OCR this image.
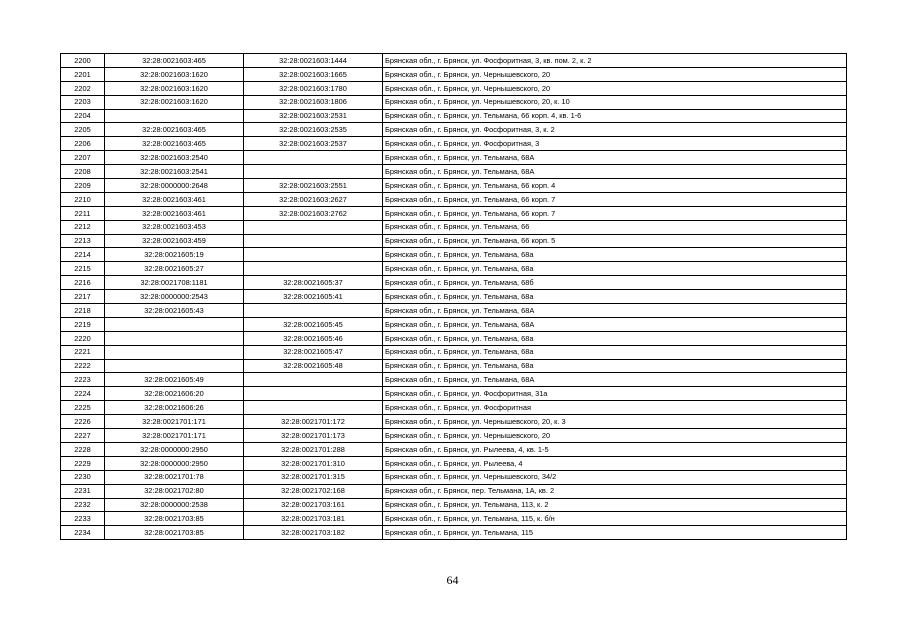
2200	32:28:0021603:465	32:28:0021603:1444	Брянская обл., г. Брянск, ул. Фосфоритная, 3, кв. пом. 2, к. 2
2201	32:28:0021603:1620	32:28:0021603:1665	Брянская обл., г. Брянск, ул. Чернышевского, 20
2202	32:28:0021603:1620	32:28:0021603:1780	Брянская обл., г. Брянск, ул. Чернышевского, 20
2203	32:28:0021603:1620	32:28:0021603:1806	Брянская обл., г. Брянск, ул. Чернышевского, 20, к. 10
2204		32:28:0021603:2531	Брянская обл., г. Брянск, ул. Тельмана, 66 корп. 4, кв. 1-6
2205	32:28:0021603:465	32:28:0021603:2535	Брянская обл., г. Брянск, ул. Фосфоритная, 3, к. 2
2206	32:28:0021603:465	32:28:0021603:2537	Брянская обл., г. Брянск, ул. Фосфоритная, 3
2207	32:28:0021603:2540		Брянская обл., г. Брянск, ул. Тельмана, 68А
2208	32:28:0021603:2541		Брянская обл., г. Брянск, ул. Тельмана, 68А
2209	32:28:0000000:2648	32:28:0021603:2551	Брянская обл., г. Брянск, ул. Тельмана, 66 корп. 4
2210	32:28:0021603:461	32:28:0021603:2627	Брянская обл., г. Брянск, ул. Тельмана, 66 корп. 7
2211	32:28:0021603:461	32:28:0021603:2762	Брянская обл., г. Брянск, ул. Тельмана, 66 корп. 7
2212	32:28:0021603:453		Брянская обл., г. Брянск, ул. Тельмана, 66
2213	32:28:0021603:459		Брянская обл., г. Брянск, ул. Тельмана, 66 корп. 5
2214	32:28:0021605:19		Брянская обл., г. Брянск, ул. Тельмана, 68а
2215	32:28:0021605:27		Брянская обл., г. Брянск, ул. Тельмана, 68а
2216	32:28:0021708:1181	32:28:0021605:37	Брянская обл., г. Брянск, ул. Тельмана, 68б
2217	32:28:0000000:2543	32:28:0021605:41	Брянская обл., г. Брянск, ул. Тельмана, 68а
2218	32:28:0021605:43		Брянская обл., г. Брянск, ул. Тельмана, 68А
2219		32:28:0021605:45	Брянская обл., г. Брянск, ул. Тельмана, 68А
2220		32:28:0021605:46	Брянская обл., г. Брянск, ул. Тельмана, 68а
2221		32:28:0021605:47	Брянская обл., г. Брянск, ул. Тельмана, 68а
2222		32:28:0021605:48	Брянская обл., г. Брянск, ул. Тельмана, 68а
2223	32:28:0021605:49		Брянская обл., г. Брянск, ул. Тельмана, 68А
2224	32:28:0021606:20		Брянская обл., г. Брянск, ул. Фосфоритная, 31а
2225	32:28:0021606:26		Брянская обл., г. Брянск, ул. Фосфоритная
2226	32:28:0021701:171	32:28:0021701:172	Брянская обл., г. Брянск, ул. Чернышевского, 20, к. 3
2227	32:28:0021701:171	32:28:0021701:173	Брянская обл., г. Брянск, ул. Чернышевского, 20
2228	32:28:0000000:2950	32:28:0021701:288	Брянская обл., г. Брянск, ул. Рылеева, 4, кв. 1-5
2229	32:28:0000000:2950	32:28:0021701:310	Брянская обл., г. Брянск, ул. Рылеева, 4
2230	32:28:0021701:78	32:28:0021701:315	Брянская обл., г. Брянск, ул. Чернышевского, 34/2
2231	32:28:0021702:80	32:28:0021702:168	Брянская обл., г. Брянск, пер. Тельмана, 1А, кв. 2
2232	32:28:0000000:2538	32:28:0021703:161	Брянская обл., г. Брянск, ул. Тельмана, 113, к. 2
2233	32:28:0021703:85	32:28:0021703:181	Брянская обл., г. Брянск, ул. Тельмана, 115, к. б/н
2234	32:28:0021703:85	32:28:0021703:182	Брянская обл., г. Брянск, ул. Тельмана, 115
64
